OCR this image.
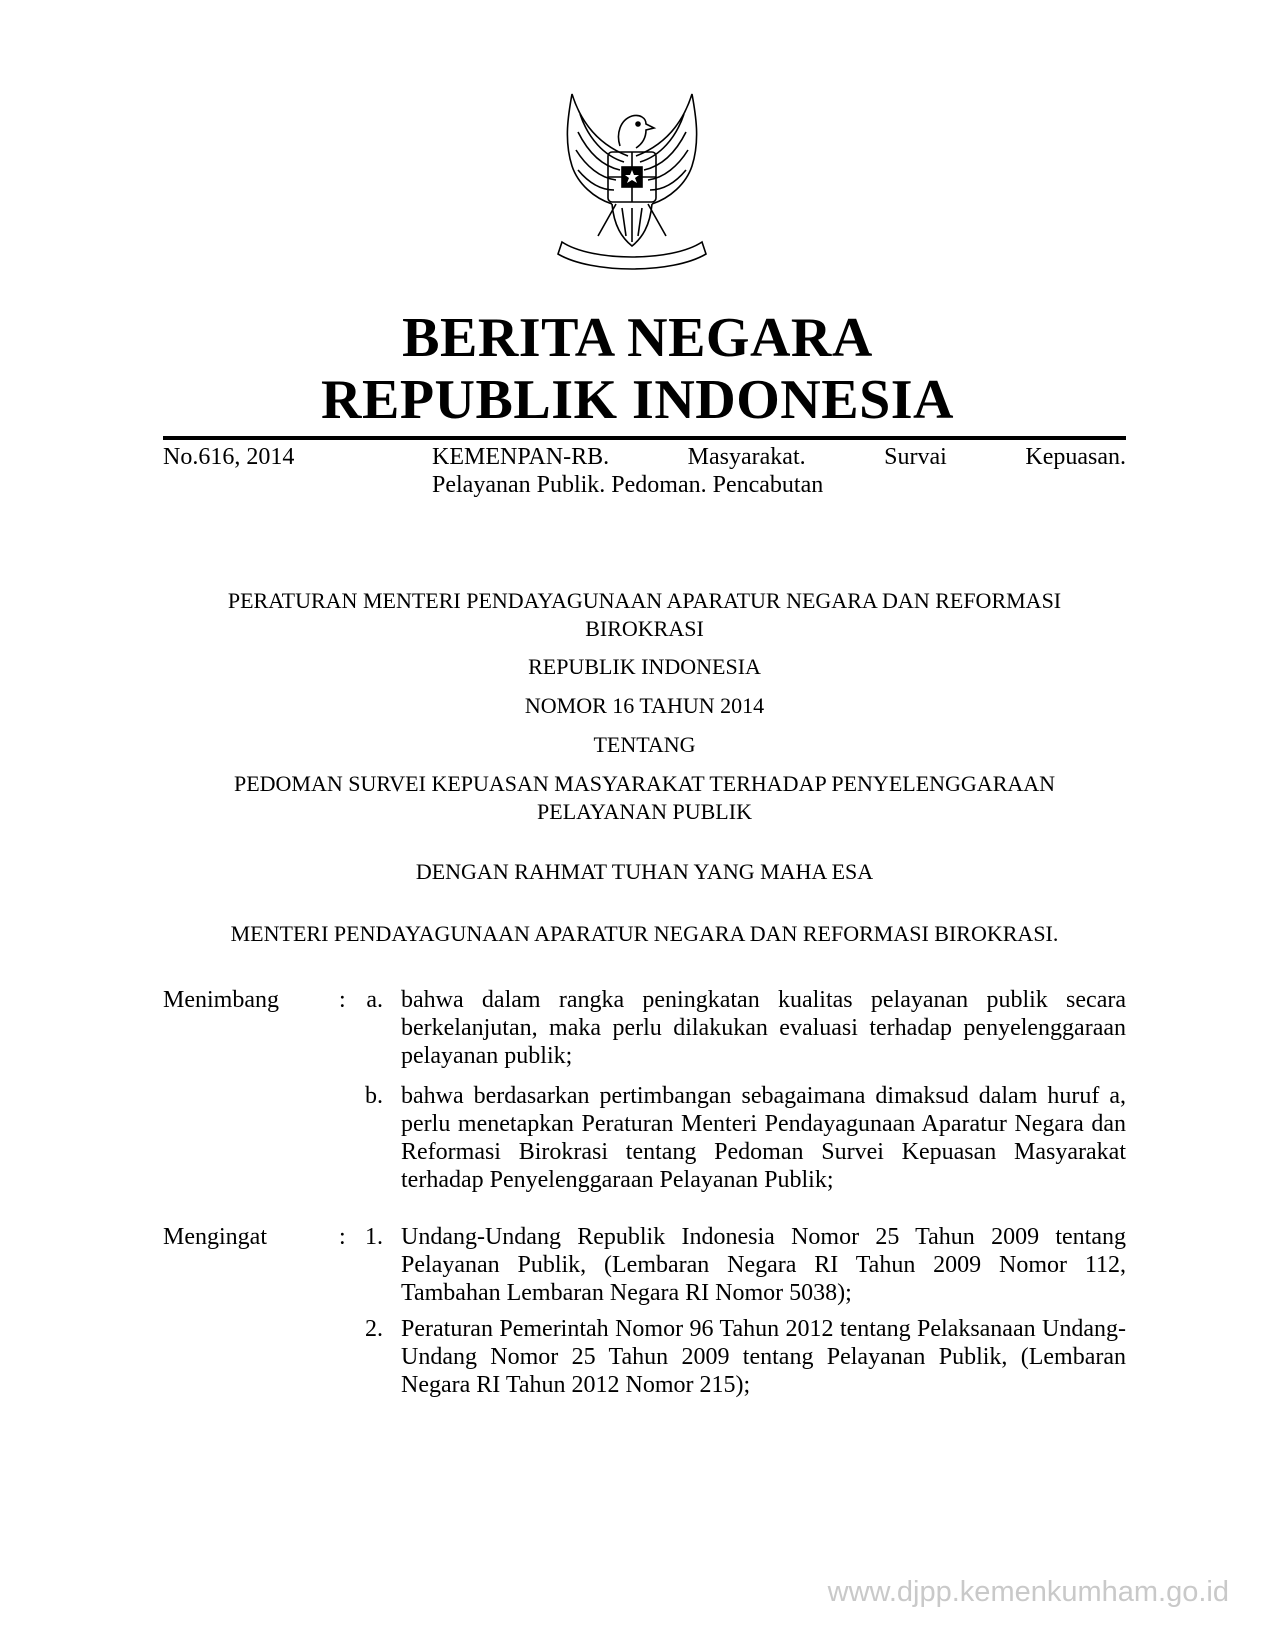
BERITA NEGARA
REPUBLIK INDONESIA
No.616, 2014	KEMENPAN-RB. Masyarakat. Survai Kepuasan.
Pelayanan Publik. Pedoman. Pencabutan
PERATURAN MENTERI PENDAYAGUNAAN APARATUR NEGARA DAN REFORMASI
BIROKRASI
REPUBLIK INDONESIA
NOMOR 16 TAHUN 2014
TENTANG
PEDOMAN SURVEI KEPUASAN MASYARAKAT TERHADAP PENYELENGGARAAN
PELAYANAN PUBLIK
DENGAN RAHMAT TUHAN YANG MAHA ESA
MENTERI PENDAYAGUNAAN APARATUR NEGARA DAN REFORMASI BIROKRASI.
Menimbang	: a. bahwa dalam rangka peningkatan kualitas pelayanan publik secara berkelanjutan, maka perlu dilakukan evaluasi terhadap penyelenggaraan pelayanan publik;
b. bahwa berdasarkan pertimbangan sebagaimana dimaksud dalam huruf a, perlu menetapkan Peraturan Menteri Pendayagunaan Aparatur Negara dan Reformasi Birokrasi tentang Pedoman Survei Kepuasan Masyarakat terhadap Penyelenggaraan Pelayanan Publik;
Mengingat	: 1. Undang-Undang Republik Indonesia Nomor 25 Tahun 2009 tentang Pelayanan Publik, (Lembaran Negara RI Tahun 2009 Nomor 112, Tambahan Lembaran Negara RI Nomor 5038);
2. Peraturan Pemerintah Nomor 96 Tahun 2012 tentang Pelaksanaan Undang-Undang Nomor 25 Tahun 2009 tentang Pelayanan Publik, (Lembaran Negara RI Tahun 2012 Nomor 215);
www.djpp.kemenkumham.go.id
